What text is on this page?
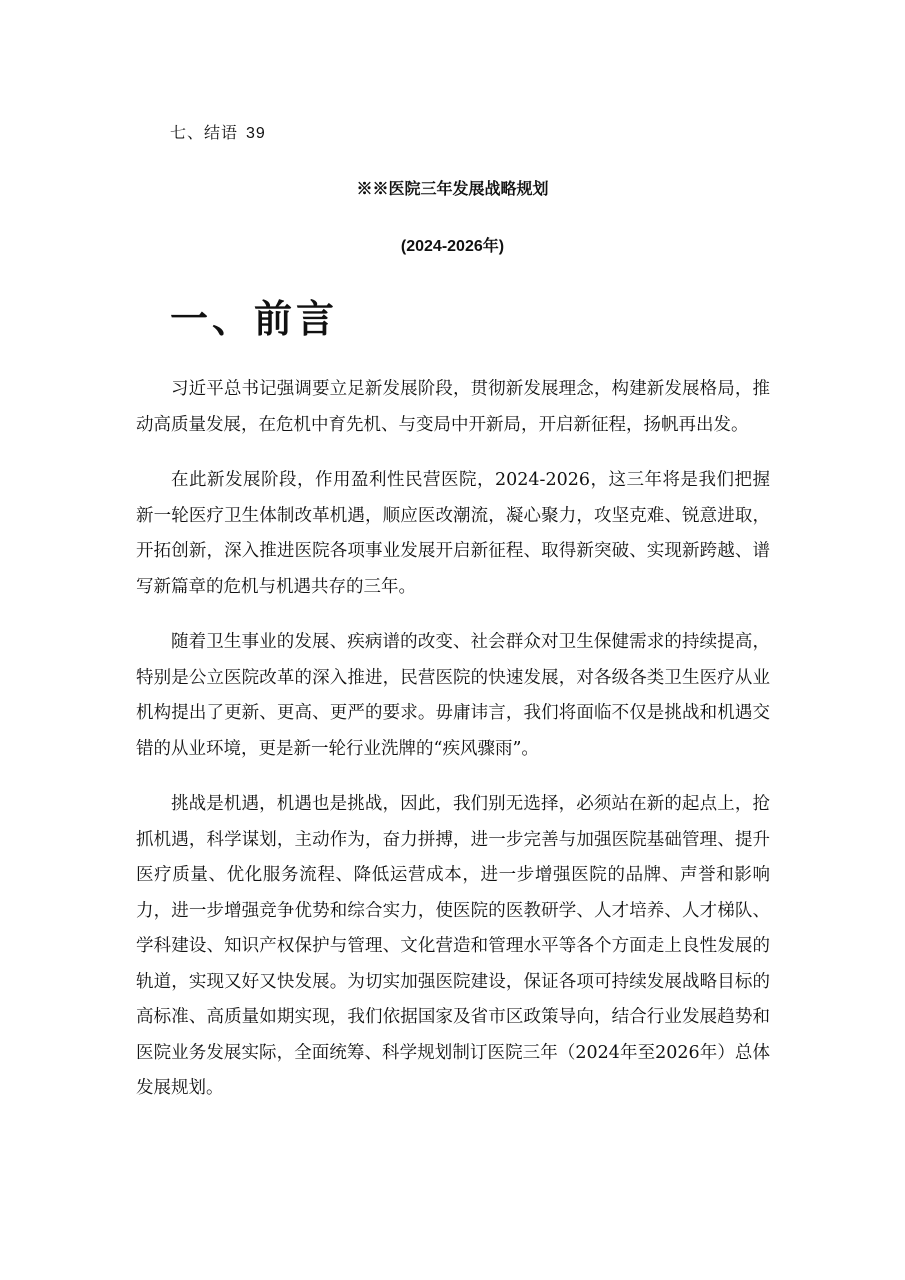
七、结语 39
※※医院三年发展战略规划
(2024-2026年)
一、前言

习近平总书记强调要立足新发展阶段，贯彻新发展理念，构建新发展格局，推动高质量发展，在危机中育先机、与变局中开新局，开启新征程，扬帆再出发。

在此新发展阶段，作用盈利性民营医院，2024-2026，这三年将是我们把握新一轮医疗卫生体制改革机遇，顺应医改潮流，凝心聚力，攻坚克难、锐意进取，开拓创新，深入推进医院各项事业发展开启新征程、取得新突破、实现新跨越、谱写新篇章的危机与机遇共存的三年。

随着卫生事业的发展、疾病谱的改变、社会群众对卫生保健需求的持续提高，特别是公立医院改革的深入推进，民营医院的快速发展，对各级各类卫生医疗从业机构提出了更新、更高、更严的要求。毋庸讳言，我们将面临不仅是挑战和机遇交错的从业环境，更是新一轮行业洗牌的“疾风骤雨”。

挑战是机遇，机遇也是挑战，因此，我们别无选择，必须站在新的起点上，抢抓机遇，科学谋划，主动作为，奋力拼搏，进一步完善与加强医院基础管理、提升医疗质量、优化服务流程、降低运营成本，进一步增强医院的品牌、声誉和影响力，进一步增强竞争优势和综合实力，使医院的医教研学、人才培养、人才梯队、学科建设、知识产权保护与管理、文化营造和管理水平等各个方面走上良性发展的轨道，实现又好又快发展。为切实加强医院建设，保证各项可持续发展战略目标的高标准、高质量如期实现，我们依据国家及省市区政策导向，结合行业发展趋势和医院业务发展实际，全面统筹、科学规划制订医院三年（2024年至2026年）总体发展规划。
